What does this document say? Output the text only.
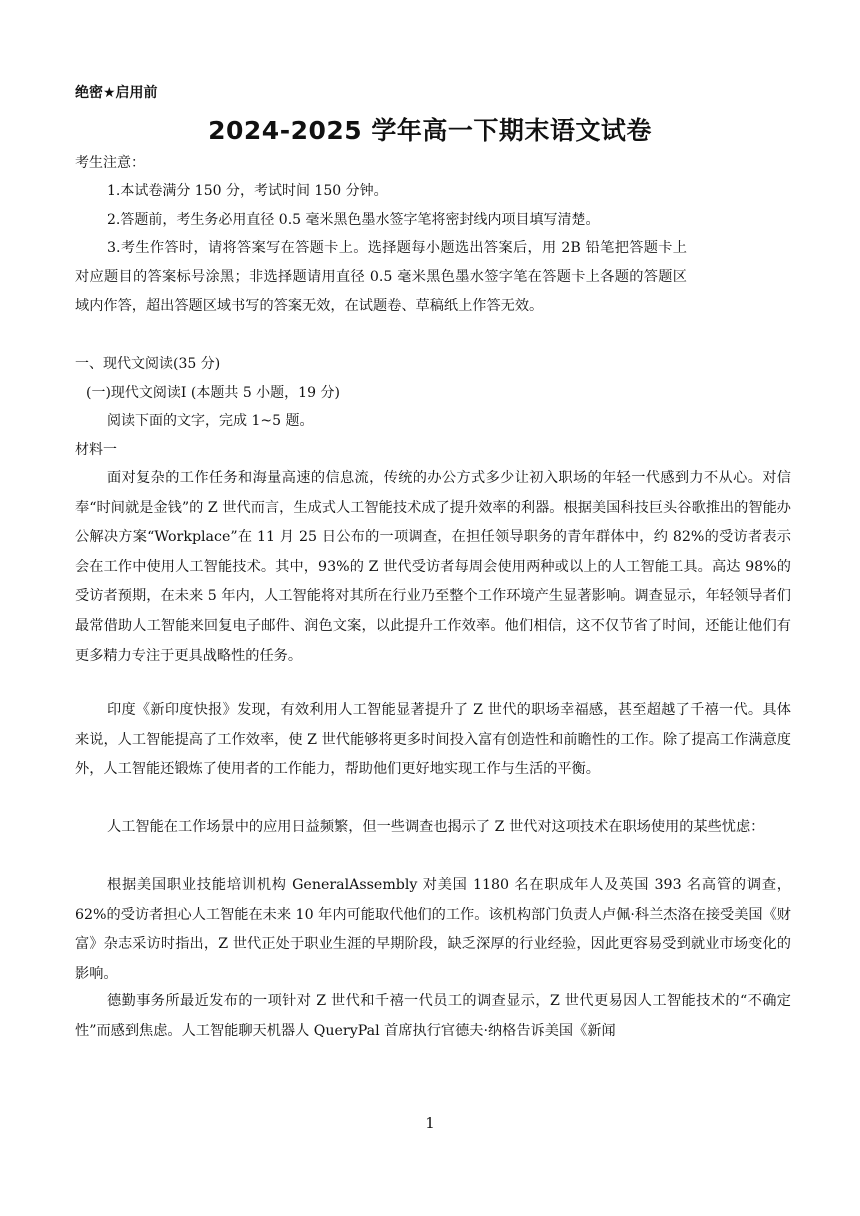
绝密★启用前
2024-2025 学年高一下期末语文试卷
考生注意：
1.本试卷满分 150 分，考试时间 150 分钟。
2.答题前，考生务必用直径 0.5 毫米黑色墨水签字笔将密封线内项目填写清楚。
3.考生作答时，请将答案写在答题卡上。选择题每小题选出答案后，用 2B 铅笔把答题卡上对应题目的答案标号涂黑；非选择题请用直径 0.5 毫米黑色墨水签字笔在答题卡上各题的答题区域内作答，超出答题区域书写的答案无效，在试题卷、草稿纸上作答无效。
一、现代文阅读(35 分)
(一)现代文阅读Ⅰ (本题共 5 小题，19 分)
阅读下面的文字，完成 1~5 题。
材料一
面对复杂的工作任务和海量高速的信息流，传统的办公方式多少让初入职场的年轻一代感到力不从心。对信奉“时间就是金钱”的 Z 世代而言，生成式人工智能技术成了提升效率的利器。根据美国科技巨头谷歌推出的智能办公解决方案“Workplace”在 11 月 25 日公布的一项调查，在担任领导职务的青年群体中，约 82%的受访者表示会在工作中使用人工智能技术。其中，93%的 Z 世代受访者每周会使用两种或以上的人工智能工具。高达 98%的受访者预期，在未来 5 年内，人工智能将对其所在行业乃至整个工作环境产生显著影响。调查显示，年轻领导者们最常借助人工智能来回复电子邮件、润色文案，以此提升工作效率。他们相信，这不仅节省了时间，还能让他们有更多精力专注于更具战略性的任务。
印度《新印度快报》发现，有效利用人工智能显著提升了 Z 世代的职场幸福感，甚至超越了千禧一代。具体来说，人工智能提高了工作效率，使 Z 世代能够将更多时间投入富有创造性和前瞻性的工作。除了提高工作满意度外，人工智能还锻炼了使用者的工作能力，帮助他们更好地实现工作与生活的平衡。
人工智能在工作场景中的应用日益频繁，但一些调查也揭示了 Z 世代对这项技术在职场使用的某些忧虑：
根据美国职业技能培训机构 GeneralAssembly 对美国 1180 名在职成年人及英国 393 名高管的调查，62%的受访者担心人工智能在未来 10 年内可能取代他们的工作。该机构部门负责人卢佩·科兰杰洛在接受美国《财富》杂志采访时指出，Z 世代正处于职业生涯的早期阶段，缺乏深厚的行业经验，因此更容易受到就业市场变化的影响。
德勤事务所最近发布的一项针对 Z 世代和千禧一代员工的调查显示，Z 世代更易因人工智能技术的“不确定性”而感到焦虑。人工智能聊天机器人 QueryPal 首席执行官德夫·纳格告诉美国《新闻
1
